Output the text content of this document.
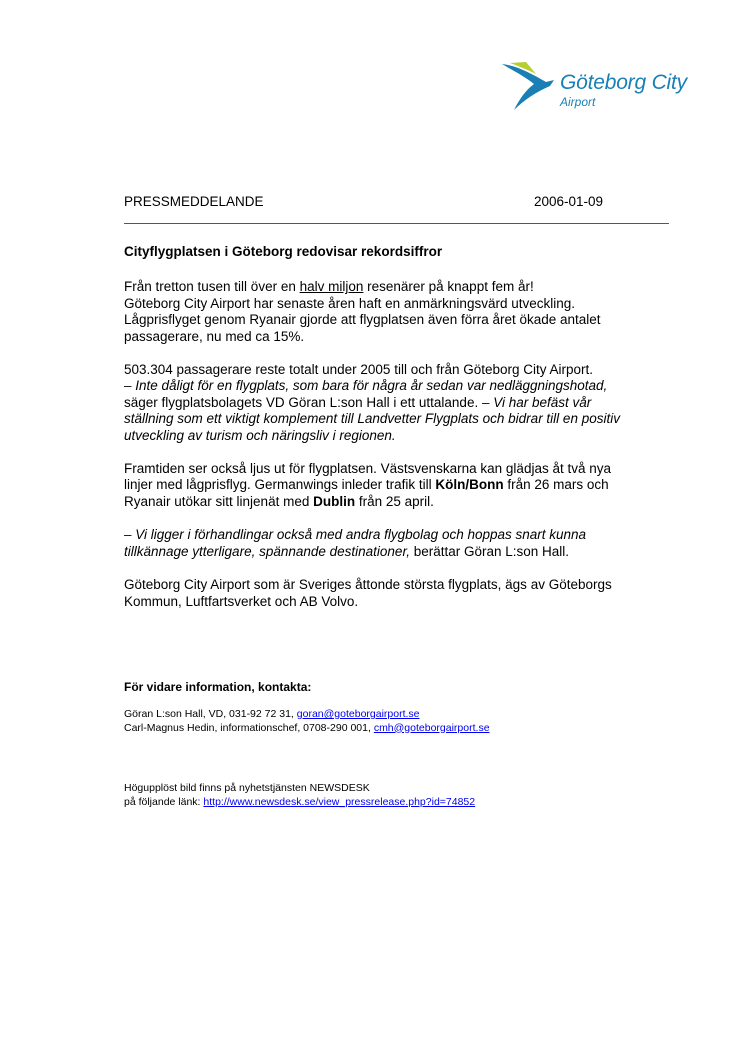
Göteborg City
Airport
PRESSMEDDELANDE	2006-01-09

Cityflygplatsen i Göteborg redovisar rekordsiffror

Från tretton tusen till över en halv miljon resenärer på knappt fem år!
Göteborg City Airport har senaste åren haft en anmärkningsvärd utveckling.
Lågprisflyget genom Ryanair gjorde att flygplatsen även förra året ökade antalet
passagerare, nu med ca 15%.

503.304 passagerare reste totalt under 2005 till och från Göteborg City Airport.
– Inte dåligt för en flygplats, som bara för några år sedan var nedläggningshotad,
säger flygplatsbolagets VD Göran L:son Hall i ett uttalande. – Vi har befäst vår
ställning som ett viktigt komplement till Landvetter Flygplats och bidrar till en positiv
utveckling av turism och näringsliv i regionen.

Framtiden ser också ljus ut för flygplatsen. Västsvenskarna kan glädjas åt två nya
linjer med lågprisflyg. Germanwings inleder trafik till Köln/Bonn från 26 mars och
Ryanair utökar sitt linjenät med Dublin från 25 april.

– Vi ligger i förhandlingar också med andra flygbolag och hoppas snart kunna
tillkännage ytterligare, spännande destinationer, berättar Göran L:son Hall.

Göteborg City Airport som är Sveriges åttonde största flygplats, ägs av Göteborgs
Kommun, Luftfartsverket och AB Volvo.

För vidare information, kontakta:
Göran L:son Hall, VD, 031-92 72 31, goran@goteborgairport.se
Carl-Magnus Hedin, informationschef, 0708-290 001, cmh@goteborgairport.se
Högupplöst bild finns på nyhetstjänsten NEWSDESK
på följande länk: http://www.newsdesk.se/view_pressrelease.php?id=74852
